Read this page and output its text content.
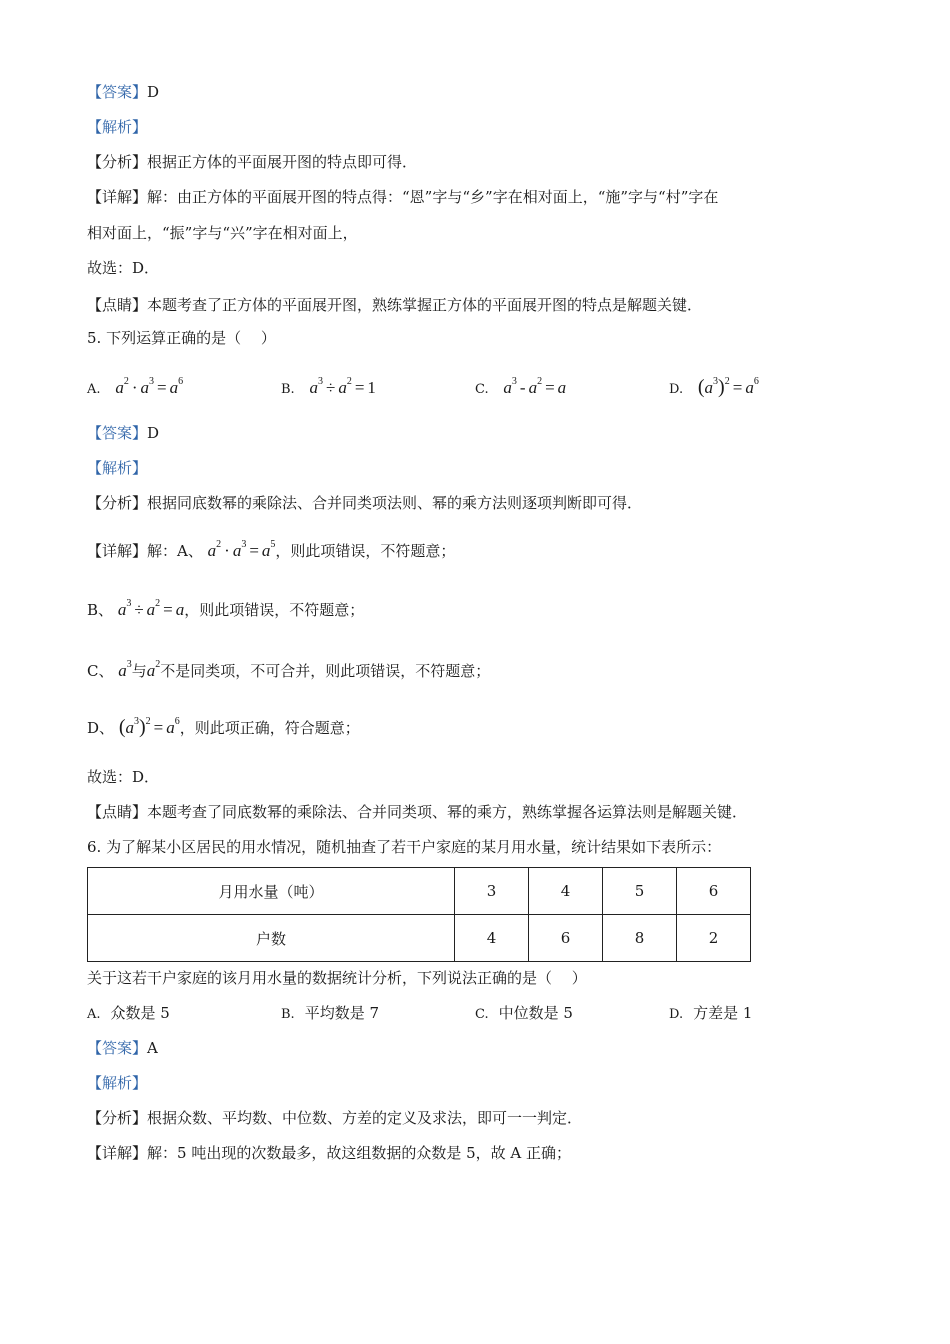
【答案】D
【解析】
【分析】根据正方体的平面展开图的特点即可得．
【详解】解：由正方体的平面展开图的特点得：“恩”字与“乡”字在相对面上，“施”字与“村”字在
相对面上，“振”字与“兴”字在相对面上，
故选：D．
【点睛】本题考查了正方体的平面展开图，熟练掌握正方体的平面展开图的特点是解题关键．
5. 下列运算正确的是（　 ）
A. $a^2 \cdot a^3 = a^6$
B. $a^3 \div a^2 = 1$	C. $a^3 - a^2 = a$	D. $(a^3)^2 = a^6$
【答案】D
【解析】
【分析】根据同底数幂的乘除法、合并同类项法则、幂的乘方法则逐项判断即可得．
【详解】解：A、 $a^2 \cdot a^3 = a^5$，则此项错误，不符题意；
B、 $a^3 \div a^2 = a$，则此项错误，不符题意；
C、 $a^3$与$a^2$不是同类项，不可合并，则此项错误，不符题意；
D、 $(a^3)^2 = a^6$，则此项正确，符合题意；
故选：D．
【点睛】本题考查了同底数幂的乘除法、合并同类项、幂的乘方，熟练掌握各运算法则是解题关键．
6. 为了解某小区居民的用水情况，随机抽查了若干户家庭的某月用水量，统计结果如下表所示：
月用水量（吨）	3	4	5	6
户数	4	6	8	2
关于这若干户家庭的该月用水量的数据统计分析，下列说法正确的是（　 ）
A. 众数是 5	B. 平均数是 7	C. 中位数是 5	D. 方差是 1
【答案】A
【解析】
【分析】根据众数、平均数、中位数、方差的定义及求法，即可一一判定．
【详解】解：5 吨出现的次数最多，故这组数据的众数是 5，故 A 正确；
